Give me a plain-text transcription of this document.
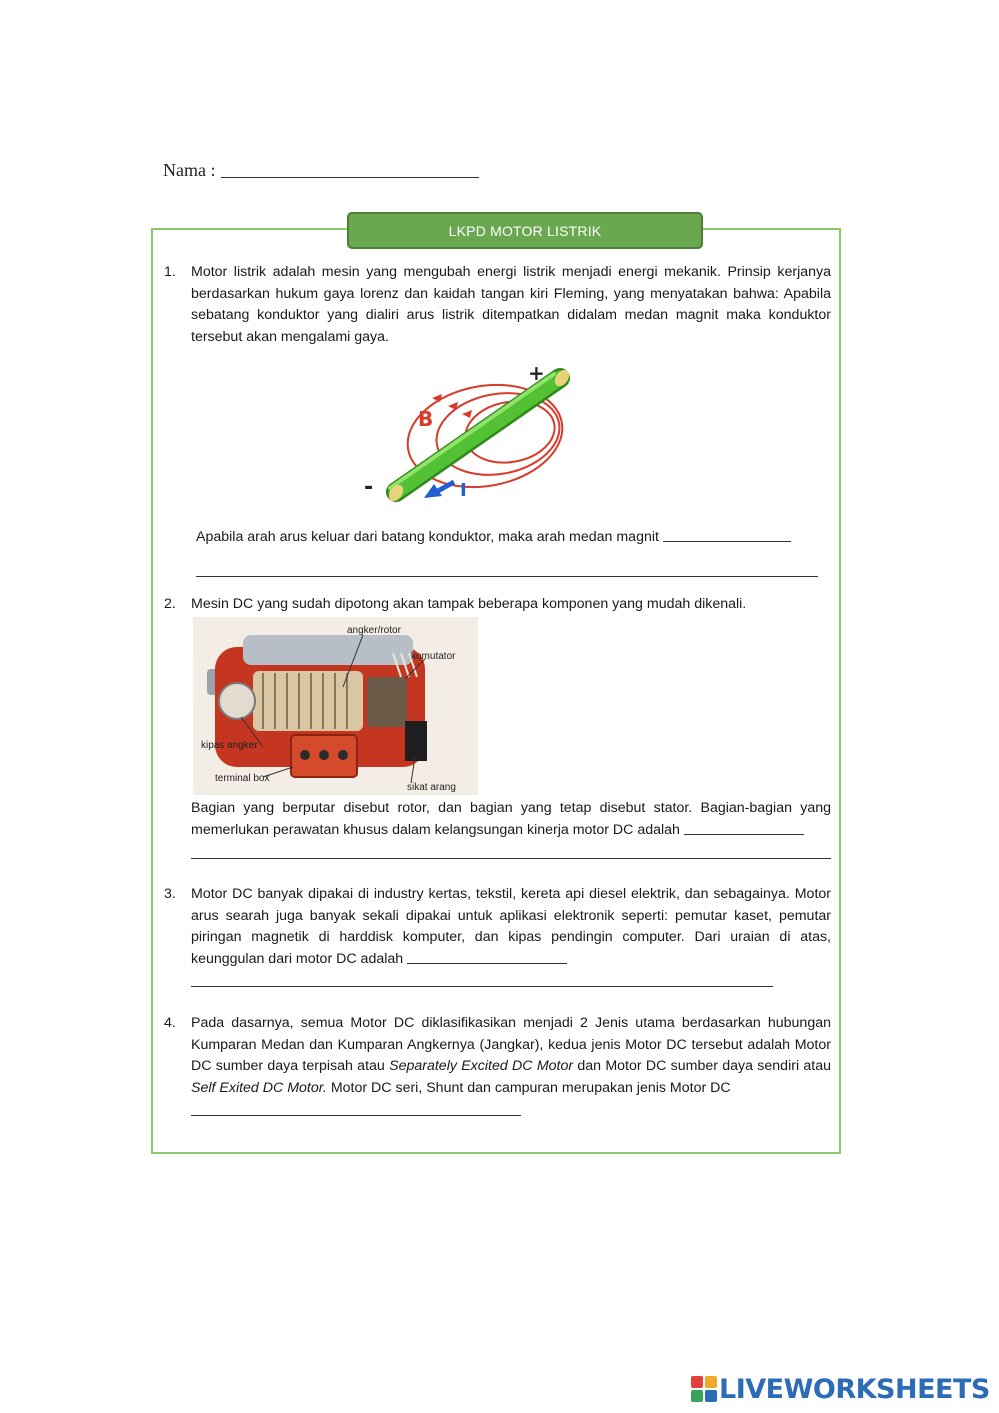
Nama :
LKPD MOTOR LISTRIK
1. Motor listrik adalah mesin yang mengubah energi listrik menjadi energi mekanik. Prinsip kerjanya berdasarkan hukum gaya lorenz dan kaidah tangan kiri Fleming, yang menyatakan bahwa: Apabila sebatang konduktor yang dialiri arus listrik ditempatkan didalam medan magnit maka konduktor tersebut akan mengalami gaya.
+
-
B
I
Apabila arah arus keluar dari batang konduktor, maka arah medan magnit
2. Mesin DC yang sudah dipotong akan tampak beberapa komponen yang mudah dikenali.
angker/rotor
komutator
kipas angker
terminal box
sikat arang
Bagian yang berputar disebut rotor, dan bagian yang tetap disebut stator. Bagian-bagian yang memerlukan perawatan khusus dalam kelangsungan kinerja motor DC adalah
3. Motor DC banyak dipakai di industry kertas, tekstil, kereta api diesel elektrik, dan sebagainya. Motor arus searah juga banyak sekali dipakai untuk aplikasi elektronik seperti: pemutar kaset, pemutar piringan magnetik di harddisk komputer, dan kipas pendingin computer. Dari uraian di atas, keunggulan dari motor DC adalah
4. Pada dasarnya, semua Motor DC diklasifikasikan menjadi 2 Jenis utama berdasarkan hubungan Kumparan Medan dan Kumparan Angkernya (Jangkar), kedua jenis Motor DC tersebut adalah Motor DC sumber daya terpisah atau Separately Excited DC Motor dan Motor DC sumber daya sendiri atau Self Exited DC Motor. Motor DC seri, Shunt dan campuran merupakan jenis Motor DC
LIVEWORKSHEETS
